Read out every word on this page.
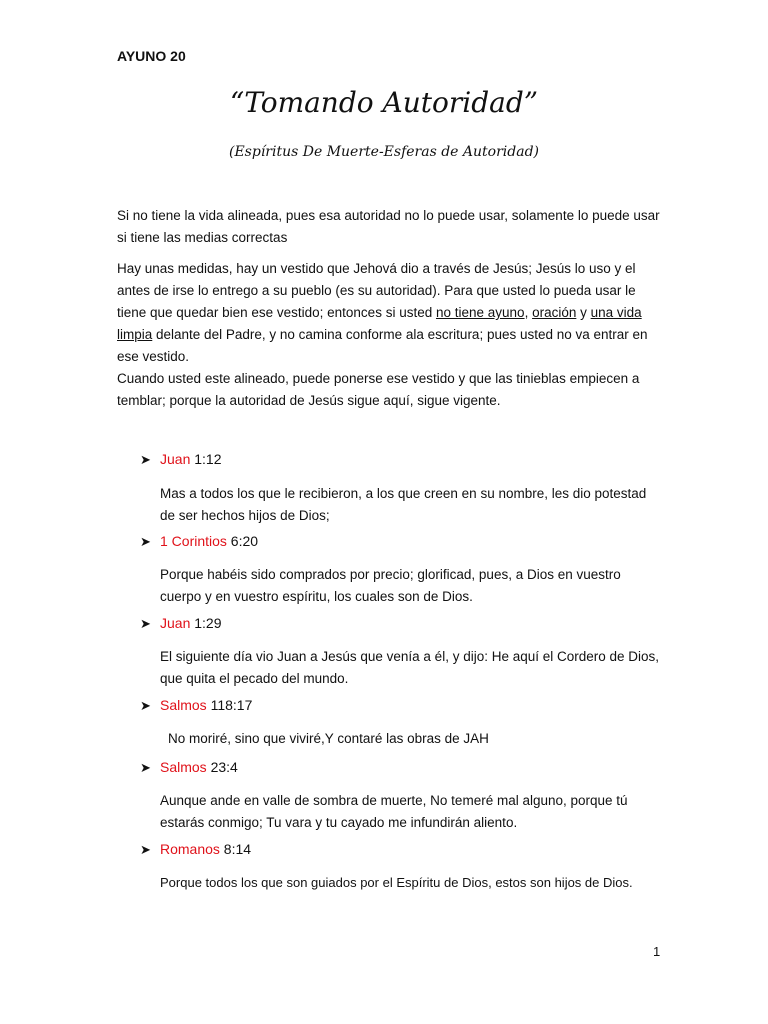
AYUNO 20
“Tomando Autoridad”
(Espíritus De Muerte-Esferas de Autoridad)
Si no tiene la vida alineada, pues esa autoridad no lo puede usar, solamente lo puede usar si tiene las medias correctas
Hay unas medidas, hay un vestido que Jehová dio a través de Jesús; Jesús lo uso y el antes de irse lo entrego a su pueblo (es su autoridad). Para que usted lo pueda usar le tiene que quedar bien ese vestido; entonces si usted no tiene ayuno, oración y una vida limpia delante del Padre, y no camina conforme ala escritura; pues usted no va entrar en ese vestido.
Cuando usted este alineado, puede ponerse ese vestido y que las tinieblas empiecen a temblar; porque la autoridad de Jesús sigue aquí, sigue vigente.
➤ Juan 1:12
Mas a todos los que le recibieron, a los que creen en su nombre, les dio potestad de ser hechos hijos de Dios;
➤ 1 Corintios 6:20
Porque habéis sido comprados por precio; glorificad, pues, a Dios en vuestro cuerpo y en vuestro espíritu, los cuales son de Dios.
➤ Juan 1:29
El siguiente día vio Juan a Jesús que venía a él, y dijo: He aquí el Cordero de Dios, que quita el pecado del mundo.
➤ Salmos 118:17
No moriré, sino que viviré,Y contaré las obras de JAH
➤ Salmos 23:4
Aunque ande en valle de sombra de muerte, No temeré mal alguno, porque tú estarás conmigo; Tu vara y tu cayado me infundirán aliento.
➤ Romanos 8:14
Porque todos los que son guiados por el Espíritu de Dios, estos son hijos de Dios.
1
